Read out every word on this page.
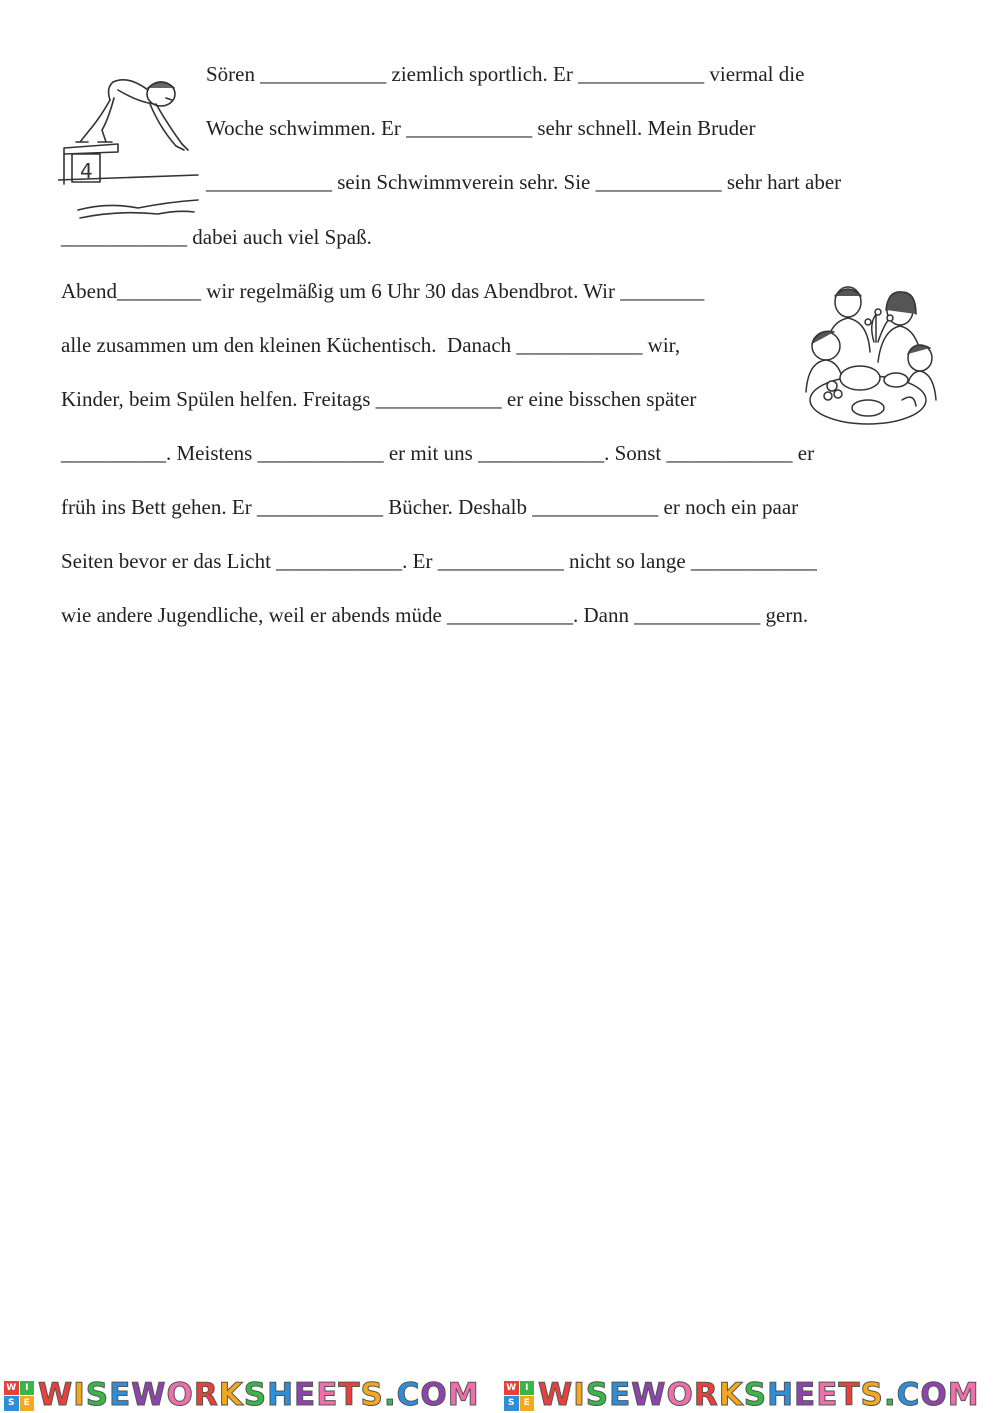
4
Sören ____________ ziemlich sportlich. Er ____________ viermal die
Woche schwimmen. Er ____________ sehr schnell. Mein Bruder
____________ sein Schwimmverein sehr. Sie ____________ sehr hart aber
____________ dabei auch viel Spaß.
Abend________ wir regelmäßig um 6 Uhr 30 das Abendbrot. Wir ________
alle zusammen um den kleinen Küchentisch.  Danach ____________ wir,
Kinder, beim Spülen helfen. Freitags ____________ er eine bisschen später
__________. Meistens ____________ er mit uns ____________. Sonst ____________ er
früh ins Bett gehen. Er ____________ Bücher. Deshalb ____________ er noch ein paar
Seiten bevor er das Licht ____________. Er ____________ nicht so lange ____________
wie andere Jugendliche, weil er abends müde ____________. Dann ____________ gern.
W I
S	E WISEWORKSHEETS.COM	W I
S	E WISEWORKSHEETS.COM
